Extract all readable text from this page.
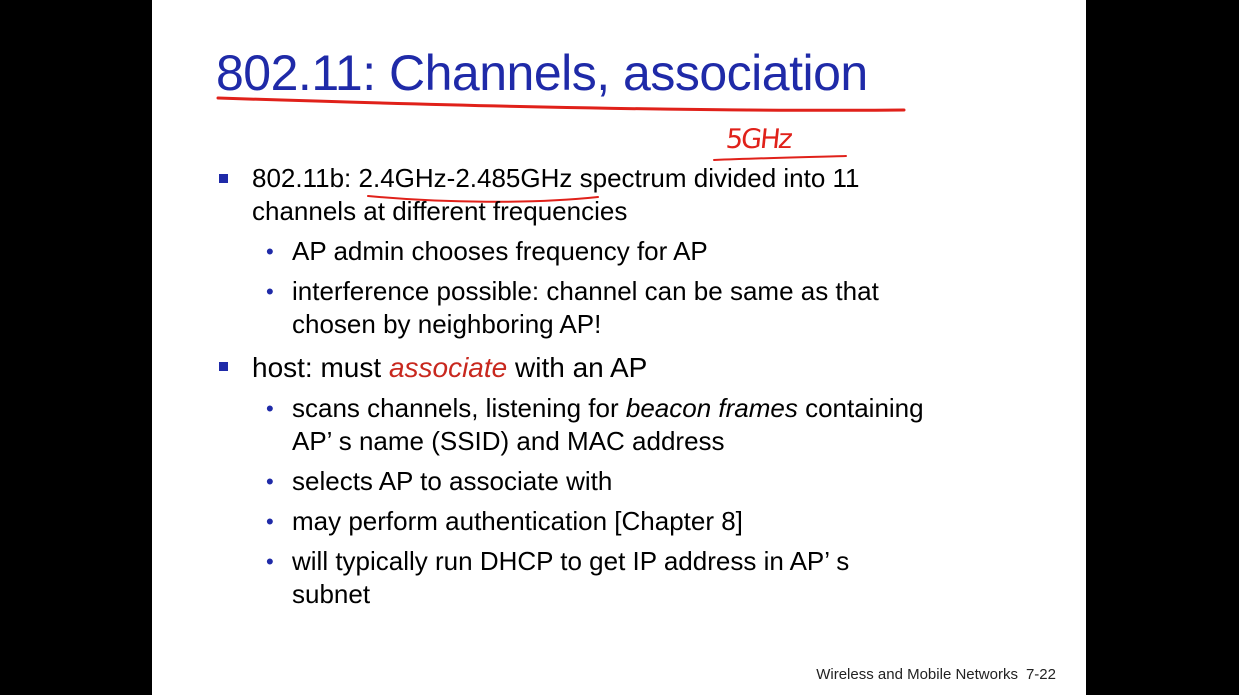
802.11: Channels, association
5GHz
802.11b: 2.4GHz-2.485GHz spectrum divided into 11
channels at different frequencies
• AP admin chooses frequency for AP
• interference possible: channel can be same as that
chosen by neighboring AP!
host: must associate with an AP
• scans channels, listening for beacon frames containing
AP’ s name (SSID) and MAC address
• selects AP to associate with
• may perform authentication [Chapter 8]
• will typically run DHCP to get IP address in AP’ s
subnet
Wireless and Mobile Networks 7-22
